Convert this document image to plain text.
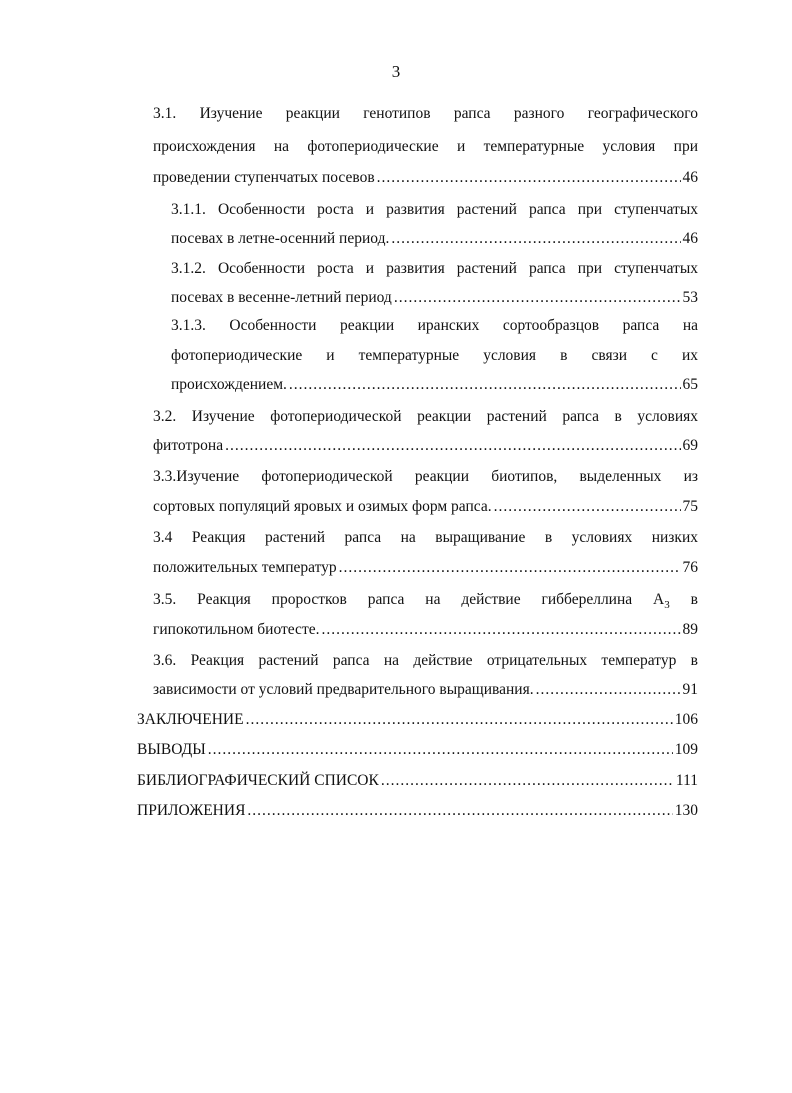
3
3.1. Изучение реакции генотипов рапса разного географического
происхождения на фотопериодические и температурные условия при
проведении ступенчатых посевов .....	46
3.1.1. Особенности роста и развития растений рапса при ступенчатых
посевах в летне-осенний период. .....	46
3.1.2. Особенности роста и развития растений рапса при ступенчатых
посевах в весенне-летний период .....	53
3.1.3. Особенности реакции иранских сортообразцов рапса на
фотопериодические и температурные условия в связи с их
происхождением. .....	65
3.2. Изучение фотопериодической реакции растений рапса в условиях
фитотрона .....	69
3.3.Изучение фотопериодической реакции биотипов, выделенных из
сортовых популяций яровых и озимых форм рапса. .....	75
3.4 Реакция растений рапса на выращивание в условиях низких
положительных температур .....	76
3.5. Реакция проростков рапса на действие гиббереллина $А_3$ в
гипокотильном биотесте. .....	89
3.6. Реакция растений рапса на действие отрицательных температур в
зависимости от условий предварительного выращивания. .....	91
ЗАКЛЮЧЕНИЕ .....	106
ВЫВОДЫ .....	109
БИБЛИОГРАФИЧЕСКИЙ СПИСОК .....	111
ПРИЛОЖЕНИЯ .....	130
